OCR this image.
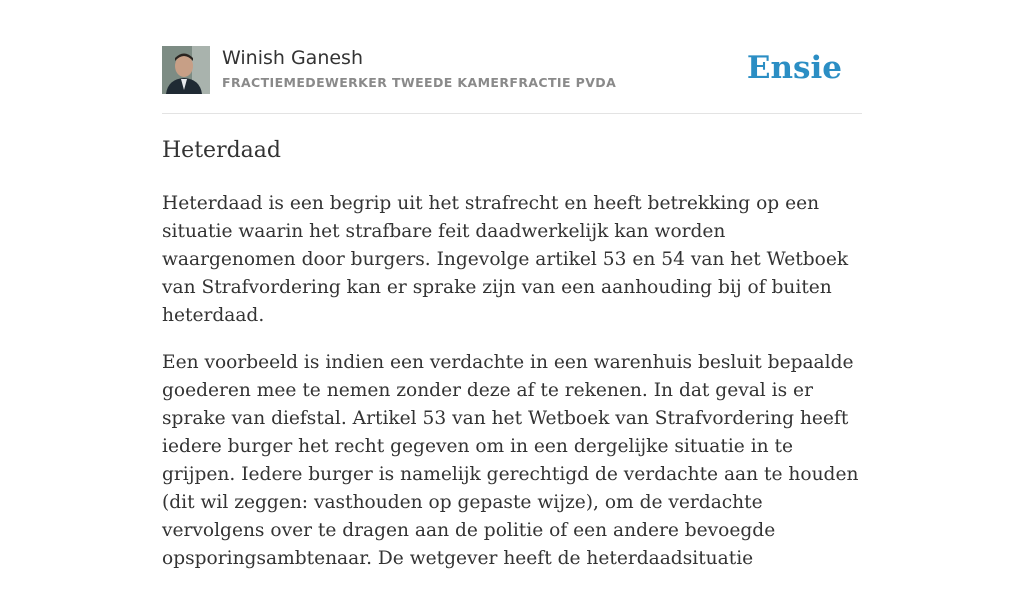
Winish Ganesh
FRACTIEMEDEWERKER TWEEDE KAMERFRACTIE PVDA	Ensie
Heterdaad

Heterdaad is een begrip uit het strafrecht en heeft betrekking op een situatie waarin het strafbare feit daadwerkelijk kan worden waargenomen door burgers. Ingevolge artikel 53 en 54 van het Wetboek van Strafvordering kan er sprake zijn van een aanhouding bij of buiten heterdaad.

Een voorbeeld is indien een verdachte in een warenhuis besluit bepaalde goederen mee te nemen zonder deze af te rekenen. In dat geval is er sprake van diefstal. Artikel 53 van het Wetboek van Strafvordering heeft iedere burger het recht gegeven om in een dergelijke situatie in te grijpen. Iedere burger is namelijk gerechtigd de verdachte aan te houden (dit wil zeggen: vasthouden op gepaste wijze), om de verdachte vervolgens over te dragen aan de politie of een andere bevoegde opsporingsambtenaar. De wetgever heeft de heterdaadsituatie
